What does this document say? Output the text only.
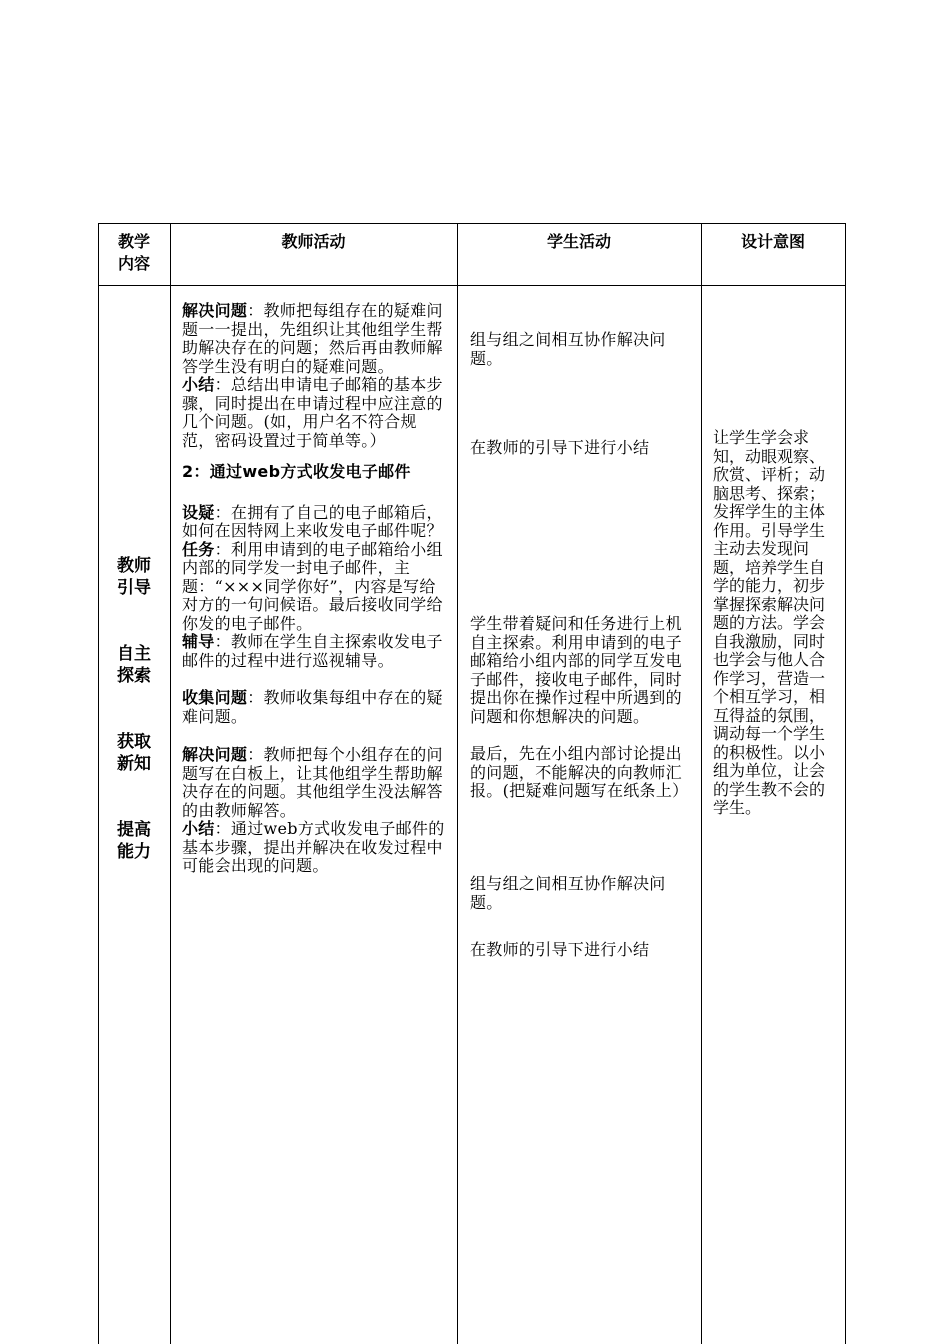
教学
内容
教师活动	学生活动	设计意图
教师
引导
自主
探索
获取
新知
提高
能力

解决问题：教师把每组存在的疑难问题一一提出，先组织让其他组学生帮助解决存在的问题；然后再由教师解答学生没有明白的疑难问题。

小结：总结出申请电子邮箱的基本步骤，同时提出在申请过程中应注意的几个问题。(如，用户名不符合规范，密码设置过于简单等。）

2：通过web方式收发电子邮件

设疑：在拥有了自己的电子邮箱后，如何在因特网上来收发电子邮件呢？

任务：利用申请到的电子邮箱给小组内部的同学发一封电子邮件，主题：“×××同学你好”，内容是写给对方的一句问候语。最后接收同学给你发的电子邮件。

辅导：教师在学生自主探索收发电子邮件的过程中进行巡视辅导。

收集问题：教师收集每组中存在的疑难问题。

解决问题：教师把每个小组存在的问题写在白板上，让其他组学生帮助解决存在的问题。其他组学生没法解答的由教师解答。

小结：通过web方式收发电子邮件的基本步骤，提出并解决在收发过程中可能会出现的问题。

组与组之间相互协作解决问题。
在教师的引导下进行小结
学生带着疑问和任务进行上机自主探索。利用申请到的电子邮箱给小组内部的同学互发电子邮件，接收电子邮件，同时提出你在操作过程中所遇到的问题和你想解决的问题。
最后，先在小组内部讨论提出的问题，不能解决的向教师汇报。(把疑难问题写在纸条上）
组与组之间相互协作解决问题。
在教师的引导下进行小结
让学生学会求知，动眼观察、欣赏、评析；动脑思考、探索；发挥学生的主体作用。引导学生主动去发现问题，培养学生自学的能力，初步掌握探索解决问题的方法。学会自我激励，同时也学会与他人合作学习，营造一个相互学习，相互得益的氛围，调动每一个学生的积极性。以小组为单位，让会的学生教不会的学生。
